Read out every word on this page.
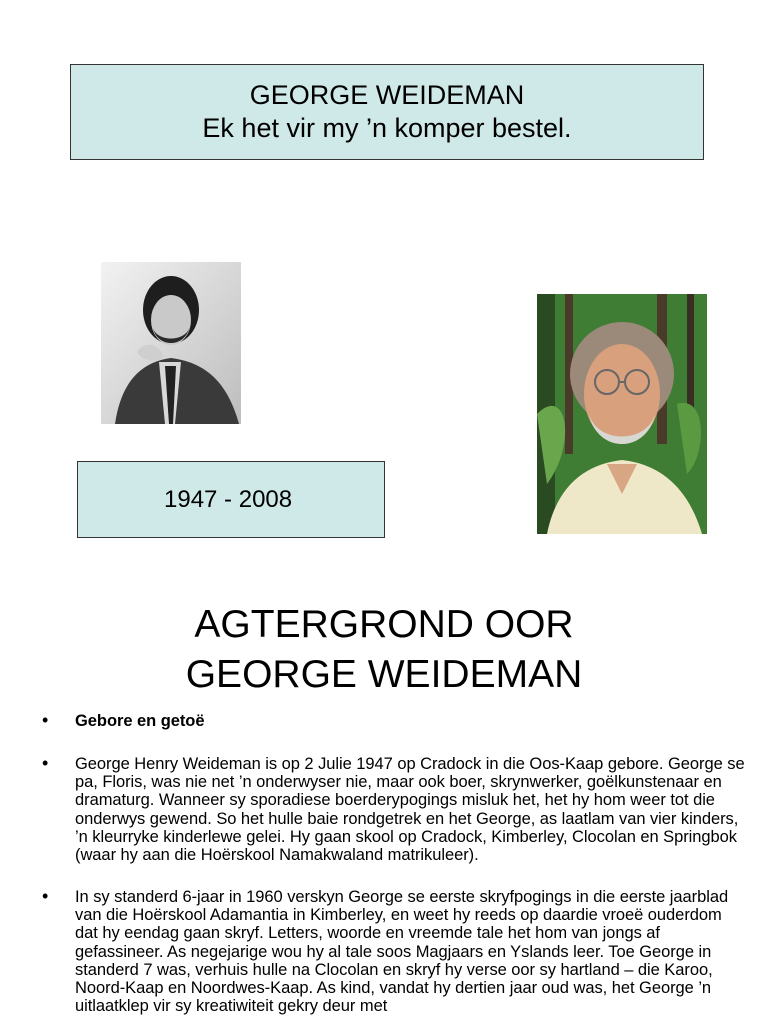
GEORGE WEIDEMAN
Ek het vir my ’n komper bestel.
1947 - 2008
AGTERGROND OOR
GEORGE WEIDEMAN
• Gebore en getoë
• George Henry Weideman is op 2 Julie 1947 op Cradock in die Oos-Kaap gebore. George se pa, Floris, was nie net ’n onderwyser nie, maar ook boer, skrynwerker, goëlkunstenaar en dramaturg. Wanneer sy sporadiese boerderypogings misluk het, het hy hom weer tot die onderwys gewend. So het hulle baie rondgetrek en het George, as laatlam van vier kinders, ’n kleurryke kinderlewe gelei. Hy gaan skool op Cradock, Kimberley, Clocolan en Springbok (waar hy aan die Hoërskool Namakwaland matrikuleer).
• In sy standerd 6-jaar in 1960 verskyn George se eerste skryfpogings in die eerste jaarblad van die Hoërskool Adamantia in Kimberley, en weet hy reeds op daardie vroeë ouderdom dat hy eendag gaan skryf. Letters, woorde en vreemde tale het hom van jongs af gefassineer. As negejarige wou hy al tale soos Magjaars en Yslands leer. Toe George in standerd 7 was, verhuis hulle na Clocolan en skryf hy verse oor sy hartland – die Karoo, Noord-Kaap en Noordwes-Kaap. As kind, vandat hy dertien jaar oud was, het George ’n uitlaatklep vir sy kreatiwiteit gekry deur met
